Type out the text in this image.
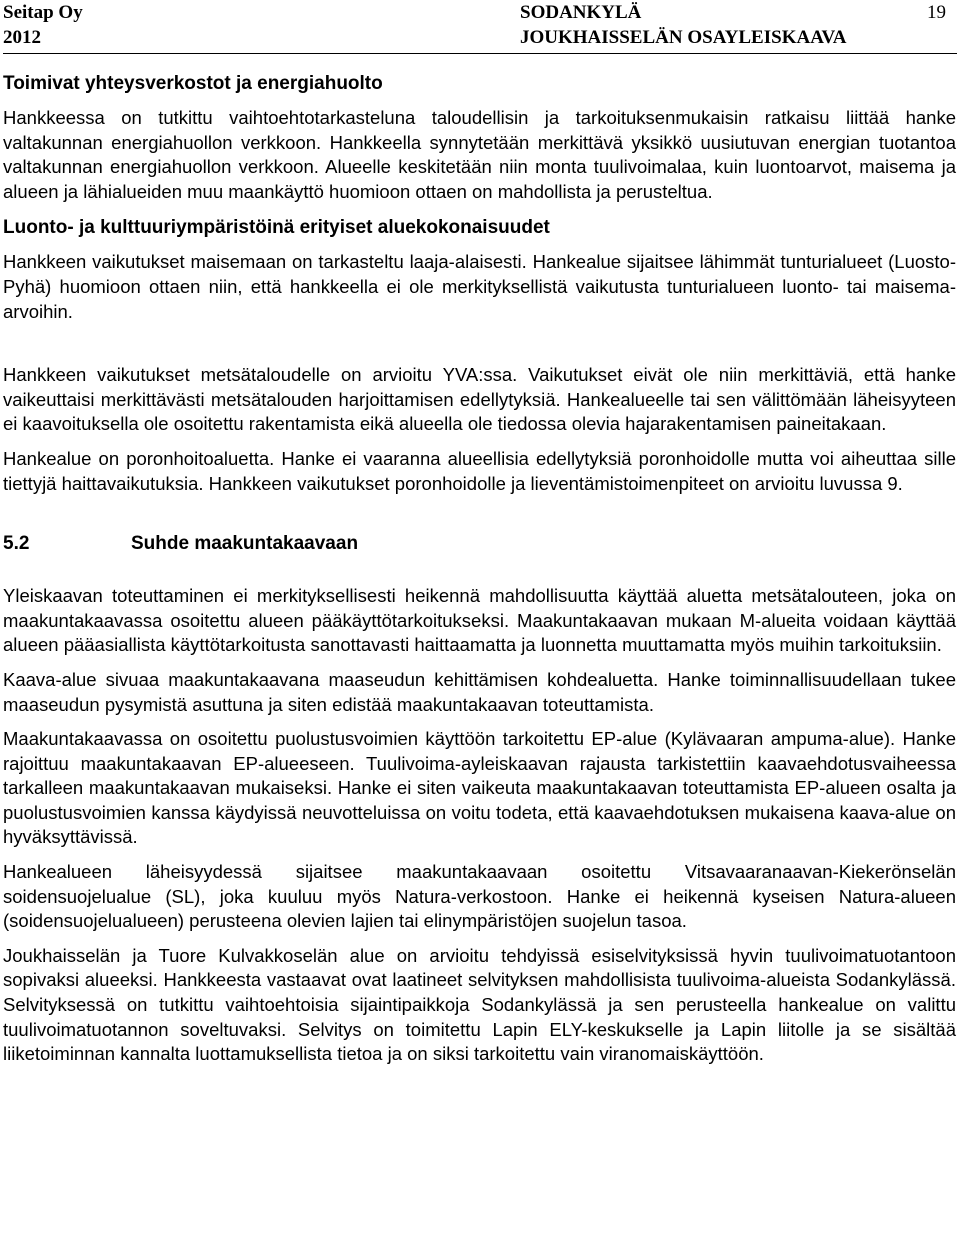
Seitap Oy
2012
SODANKYLÄ
JOUKHAISSELÄN OSAYLEISKAAVA
19
Toimivat yhteysverkostot ja energiahuolto

Hankkeessa on tutkittu vaihtoehtotarkasteluna taloudellisin ja tarkoituksenmukaisin ratkaisu liittää hanke valtakunnan energiahuollon verkkoon. Hankkeella synnytetään merkittävä yksikkö uusiutuvan energian tuotantoa valtakunnan energiahuollon verkkoon. Alueelle keskitetään niin monta tuulivoimalaa, kuin luontoarvot, maisema ja alueen ja lähialueiden muu maankäyttö huomioon ottaen on mahdollista ja perusteltua.

Luonto- ja kulttuuriympäristöinä erityiset aluekokonaisuudet

Hankkeen vaikutukset maisemaan on tarkasteltu laaja-alaisesti. Hankealue sijaitsee lähimmät tunturialueet (Luosto-Pyhä) huomioon ottaen niin, että hankkeella ei ole merkityksellistä vaikutusta tunturialueen luonto- tai maisema-arvoihin.

Hankkeen vaikutukset metsätaloudelle on arvioitu YVA:ssa. Vaikutukset eivät ole niin merkittäviä, että hanke vaikeuttaisi merkittävästi metsätalouden harjoittamisen edellytyksiä. Hankealueelle tai sen välittömään läheisyyteen ei kaavoituksella ole osoitettu rakentamista eikä alueella ole tiedossa olevia hajarakentamisen paineitakaan.

Hankealue on poronhoitoaluetta. Hanke ei vaaranna alueellisia edellytyksiä poronhoidolle mutta voi aiheuttaa sille tiettyjä haittavaikutuksia. Hankkeen vaikutukset poronhoidolle ja lieventämistoimenpiteet on arvioitu luvussa 9.

5.2	Suhde maakuntakaavaan

Yleiskaavan toteuttaminen ei merkityksellisesti heikennä mahdollisuutta käyttää aluetta metsätalouteen, joka on maakuntakaavassa osoitettu alueen pääkäyttötarkoitukseksi. Maakuntakaavan mukaan M-alueita voidaan käyttää alueen pääasiallista käyttötarkoitusta sanottavasti haittaamatta ja luonnetta muuttamatta myös muihin tarkoituksiin.

Kaava-alue sivuaa maakuntakaavana maaseudun kehittämisen kohdealuetta. Hanke toiminnallisuudellaan tukee maaseudun pysymistä asuttuna ja siten edistää maakuntakaavan toteuttamista.

Maakuntakaavassa on osoitettu puolustusvoimien käyttöön tarkoitettu EP-alue (Kylävaaran ampuma-alue). Hanke rajoittuu maakuntakaavan EP-alueeseen. Tuulivoima-ayleiskaavan rajausta tarkistettiin kaavaehdotusvaiheessa tarkalleen maakuntakaavan mukaiseksi. Hanke ei siten vaikeuta maakuntakaavan toteuttamista EP-alueen osalta ja puolustusvoimien kanssa käydyissä neuvotteluissa on voitu todeta, että kaavaehdotuksen mukaisena kaava-alue on hyväksyttävissä.

Hankealueen läheisyydessä sijaitsee maakuntakaavaan osoitettu Vitsavaaranaavan-Kiekerönselän soidensuojelualue (SL), joka kuuluu myös Natura-verkostoon. Hanke ei heikennä kyseisen Natura-alueen (soidensuojelualueen) perusteena olevien lajien tai elinympäristöjen suojelun tasoa.

Joukhaisselän ja Tuore Kulvakkoselän alue on arvioitu tehdyissä esiselvityksissä hyvin tuulivoimatuotantoon sopivaksi alueeksi. Hankkeesta vastaavat ovat laatineet selvityksen mahdollisista tuulivoima-alueista Sodankylässä. Selvityksessä on tutkittu vaihtoehtoisia sijaintipaikkoja Sodankylässä ja sen perusteella hankealue on valittu tuulivoimatuotannon soveltuvaksi. Selvitys on toimitettu Lapin ELY-keskukselle ja Lapin liitolle ja se sisältää liiketoiminnan kannalta luottamuksellista tietoa ja on siksi tarkoitettu vain viranomaiskäyttöön.
